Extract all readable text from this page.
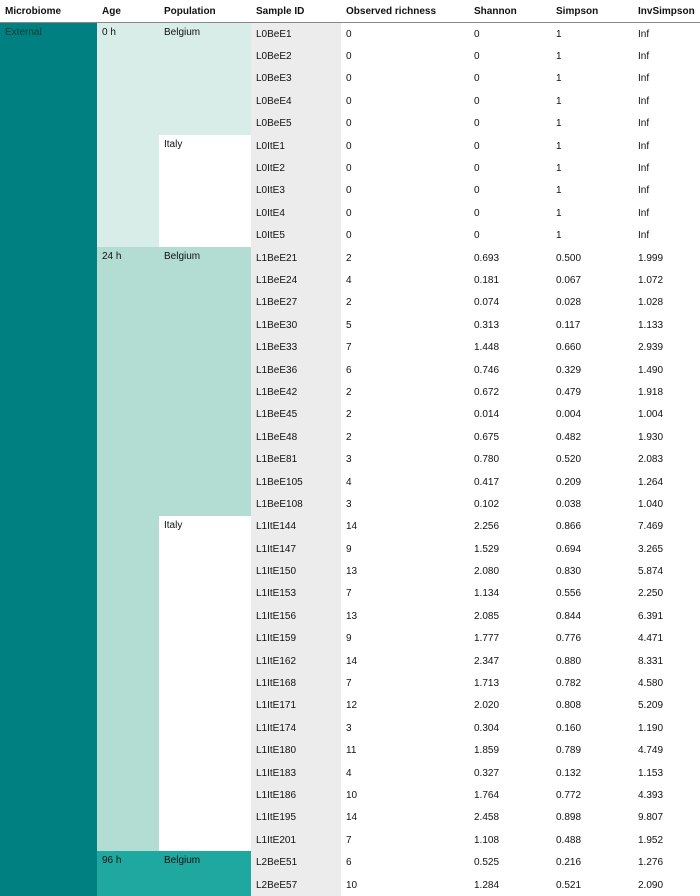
Microbiome	Age	Population	Sample ID	Observed richness	Shannon	Simpson	InvSimpson
External	0 h	Belgium	L0BeE1	0	0	1	Inf
			L0BeE2	0	0	1	Inf
			L0BeE3	0	0	1	Inf
			L0BeE4	0	0	1	Inf
			L0BeE5	0	0	1	Inf
		Italy	L0ItE1	0	0	1	Inf
			L0ItE2	0	0	1	Inf
			L0ItE3	0	0	1	Inf
			L0ItE4	0	0	1	Inf
			L0ItE5	0	0	1	Inf
	24 h	Belgium	L1BeE21	2	0.693	0.500	1.999
			L1BeE24	4	0.181	0.067	1.072
			L1BeE27	2	0.074	0.028	1.028
			L1BeE30	5	0.313	0.117	1.133
			L1BeE33	7	1.448	0.660	2.939
			L1BeE36	6	0.746	0.329	1.490
			L1BeE42	2	0.672	0.479	1.918
			L1BeE45	2	0.014	0.004	1.004
			L1BeE48	2	0.675	0.482	1.930
			L1BeE81	3	0.780	0.520	2.083
			L1BeE105	4	0.417	0.209	1.264
			L1BeE108	3	0.102	0.038	1.040
		Italy	L1ItE144	14	2.256	0.866	7.469
			L1ItE147	9	1.529	0.694	3.265
			L1ItE150	13	2.080	0.830	5.874
			L1ItE153	7	1.134	0.556	2.250
			L1ItE156	13	2.085	0.844	6.391
			L1ItE159	9	1.777	0.776	4.471
			L1ItE162	14	2.347	0.880	8.331
			L1ItE168	7	1.713	0.782	4.580
			L1ItE171	12	2.020	0.808	5.209
			L1ItE174	3	0.304	0.160	1.190
			L1ItE180	11	1.859	0.789	4.749
			L1ItE183	4	0.327	0.132	1.153
			L1ItE186	10	1.764	0.772	4.393
			L1ItE195	14	2.458	0.898	9.807
			L1ItE201	7	1.108	0.488	1.952
	96 h	Belgium	L2BeE51	6	0.525	0.216	1.276
			L2BeE57	10	1.284	0.521	2.090
